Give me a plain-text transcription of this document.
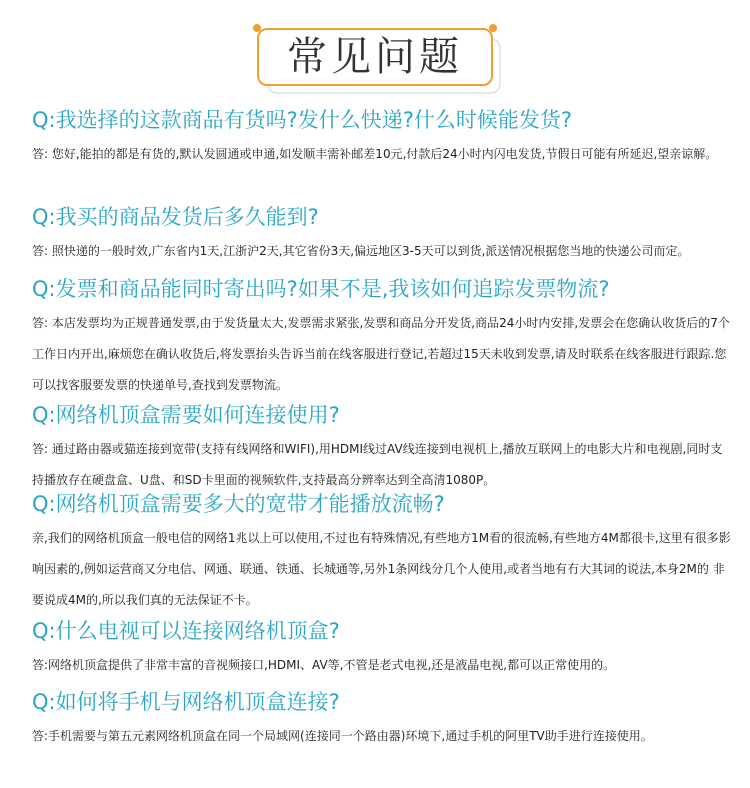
常见问题
Q:我选择的这款商品有货吗?发什么快递?什么时候能发货?
答: 您好,能拍的都是有货的,默认发圆通或申通,如发顺丰需补邮差10元,付款后24小时内闪电发货,节假日可能有所延迟,望亲谅解。
Q:我买的商品发货后多久能到?
答: 照快递的一般时效,广东省内1天,江浙沪2天,其它省份3天,偏远地区3-5天可以到货,派送情况根据您当地的快递公司而定。
Q:发票和商品能同时寄出吗?如果不是,我该如何追踪发票物流?
答: 本店发票均为正规普通发票,由于发货量太大,发票需求紧张,发票和商品分开发货,商品24小时内安排,发票会在您确认收货后的7个工作日内开出,麻烦您在确认收货后,将发票抬头告诉当前在线客服进行登记,若超过15天未收到发票,请及时联系在线客服进行跟踪.您可以找客服要发票的快递单号,查找到发票物流。
Q:网络机顶盒需要如何连接使用?
答: 通过路由器或猫连接到宽带(支持有线网络和WIFI),用HDMI线过AV线连接到电视机上,播放互联网上的电影大片和电视剧,同时支持播放存在硬盘盒、U盘、和SD卡里面的视频软件,支持最高分辨率达到全高清1080P。
Q:网络机顶盒需要多大的宽带才能播放流畅?
亲,我们的网络机顶盒一般电信的网络1兆以上可以使用,不过也有特殊情况,有些地方1M看的很流畅,有些地方4M都很卡,这里有很多影响因素的,例如运营商又分电信、网通、联通、铁通、长城通等,另外1条网线分几个人使用,或者当地有冇大其词的说法,本身2M的 非要说成4M的,所以我们真的无法保证不卡。
Q:什么电视可以连接网络机顶盒?
答:网络机顶盒提供了非常丰富的音视频接口,HDMI、AV等,不管是老式电视,还是液晶电视,都可以正常使用的。
Q:如何将手机与网络机顶盒连接?
答:手机需要与第五元素网络机顶盒在同一个局域网(连接同一个路由器)环境下,通过手机的阿里TV助手进行连接使用。
